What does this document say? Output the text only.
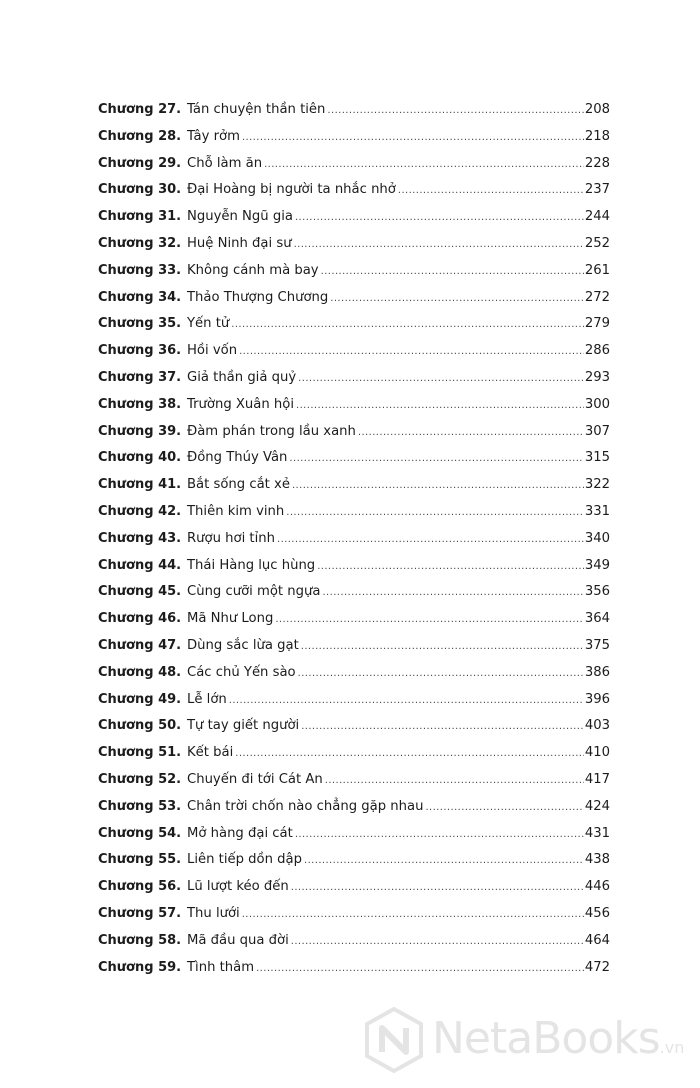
Chương 27. Tán chuyện thần tiên .....	208
Chương 28. Tây rởm .....	218
Chương 29. Chỗ làm ăn .....	228
Chương 30. Đại Hoàng bị người ta nhắc nhở .....	237
Chương 31. Nguyễn Ngũ gia .....	244
Chương 32. Huệ Ninh đại sư .....	252
Chương 33. Không cánh mà bay .....	261
Chương 34. Thảo Thượng Chương .....	272
Chương 35. Yến tử .....	279
Chương 36. Hồi vốn .....	286
Chương 37. Giả thần giả quỷ .....	293
Chương 38. Trường Xuân hội .....	300
Chương 39. Đàm phán trong lầu xanh .....	307
Chương 40. Đồng Thúy Vân .....	315
Chương 41. Bắt sống cắt xẻ .....	322
Chương 42. Thiên kim vinh .....	331
Chương 43. Rượu hơi tỉnh .....	340
Chương 44. Thái Hàng lục hùng .....	349
Chương 45. Cùng cưỡi một ngựa .....	356
Chương 46. Mã Như Long .....	364
Chương 47. Dùng sắc lừa gạt .....	375
Chương 48. Các chủ Yến sào .....	386
Chương 49. Lễ lớn .....	396
Chương 50. Tự tay giết người .....	403
Chương 51. Kết bái .....	410
Chương 52. Chuyến đi tới Cát An .....	417
Chương 53. Chân trời chốn nào chẳng gặp nhau .....	424
Chương 54. Mở hàng đại cát .....	431
Chương 55. Liên tiếp dồn dập .....	438
Chương 56. Lũ lượt kéo đến .....	446
Chương 57. Thu lưới .....	456
Chương 58. Mã đầu qua đời .....	464
Chương 59. Tình thâm .....	472
NetaBooks.vn
